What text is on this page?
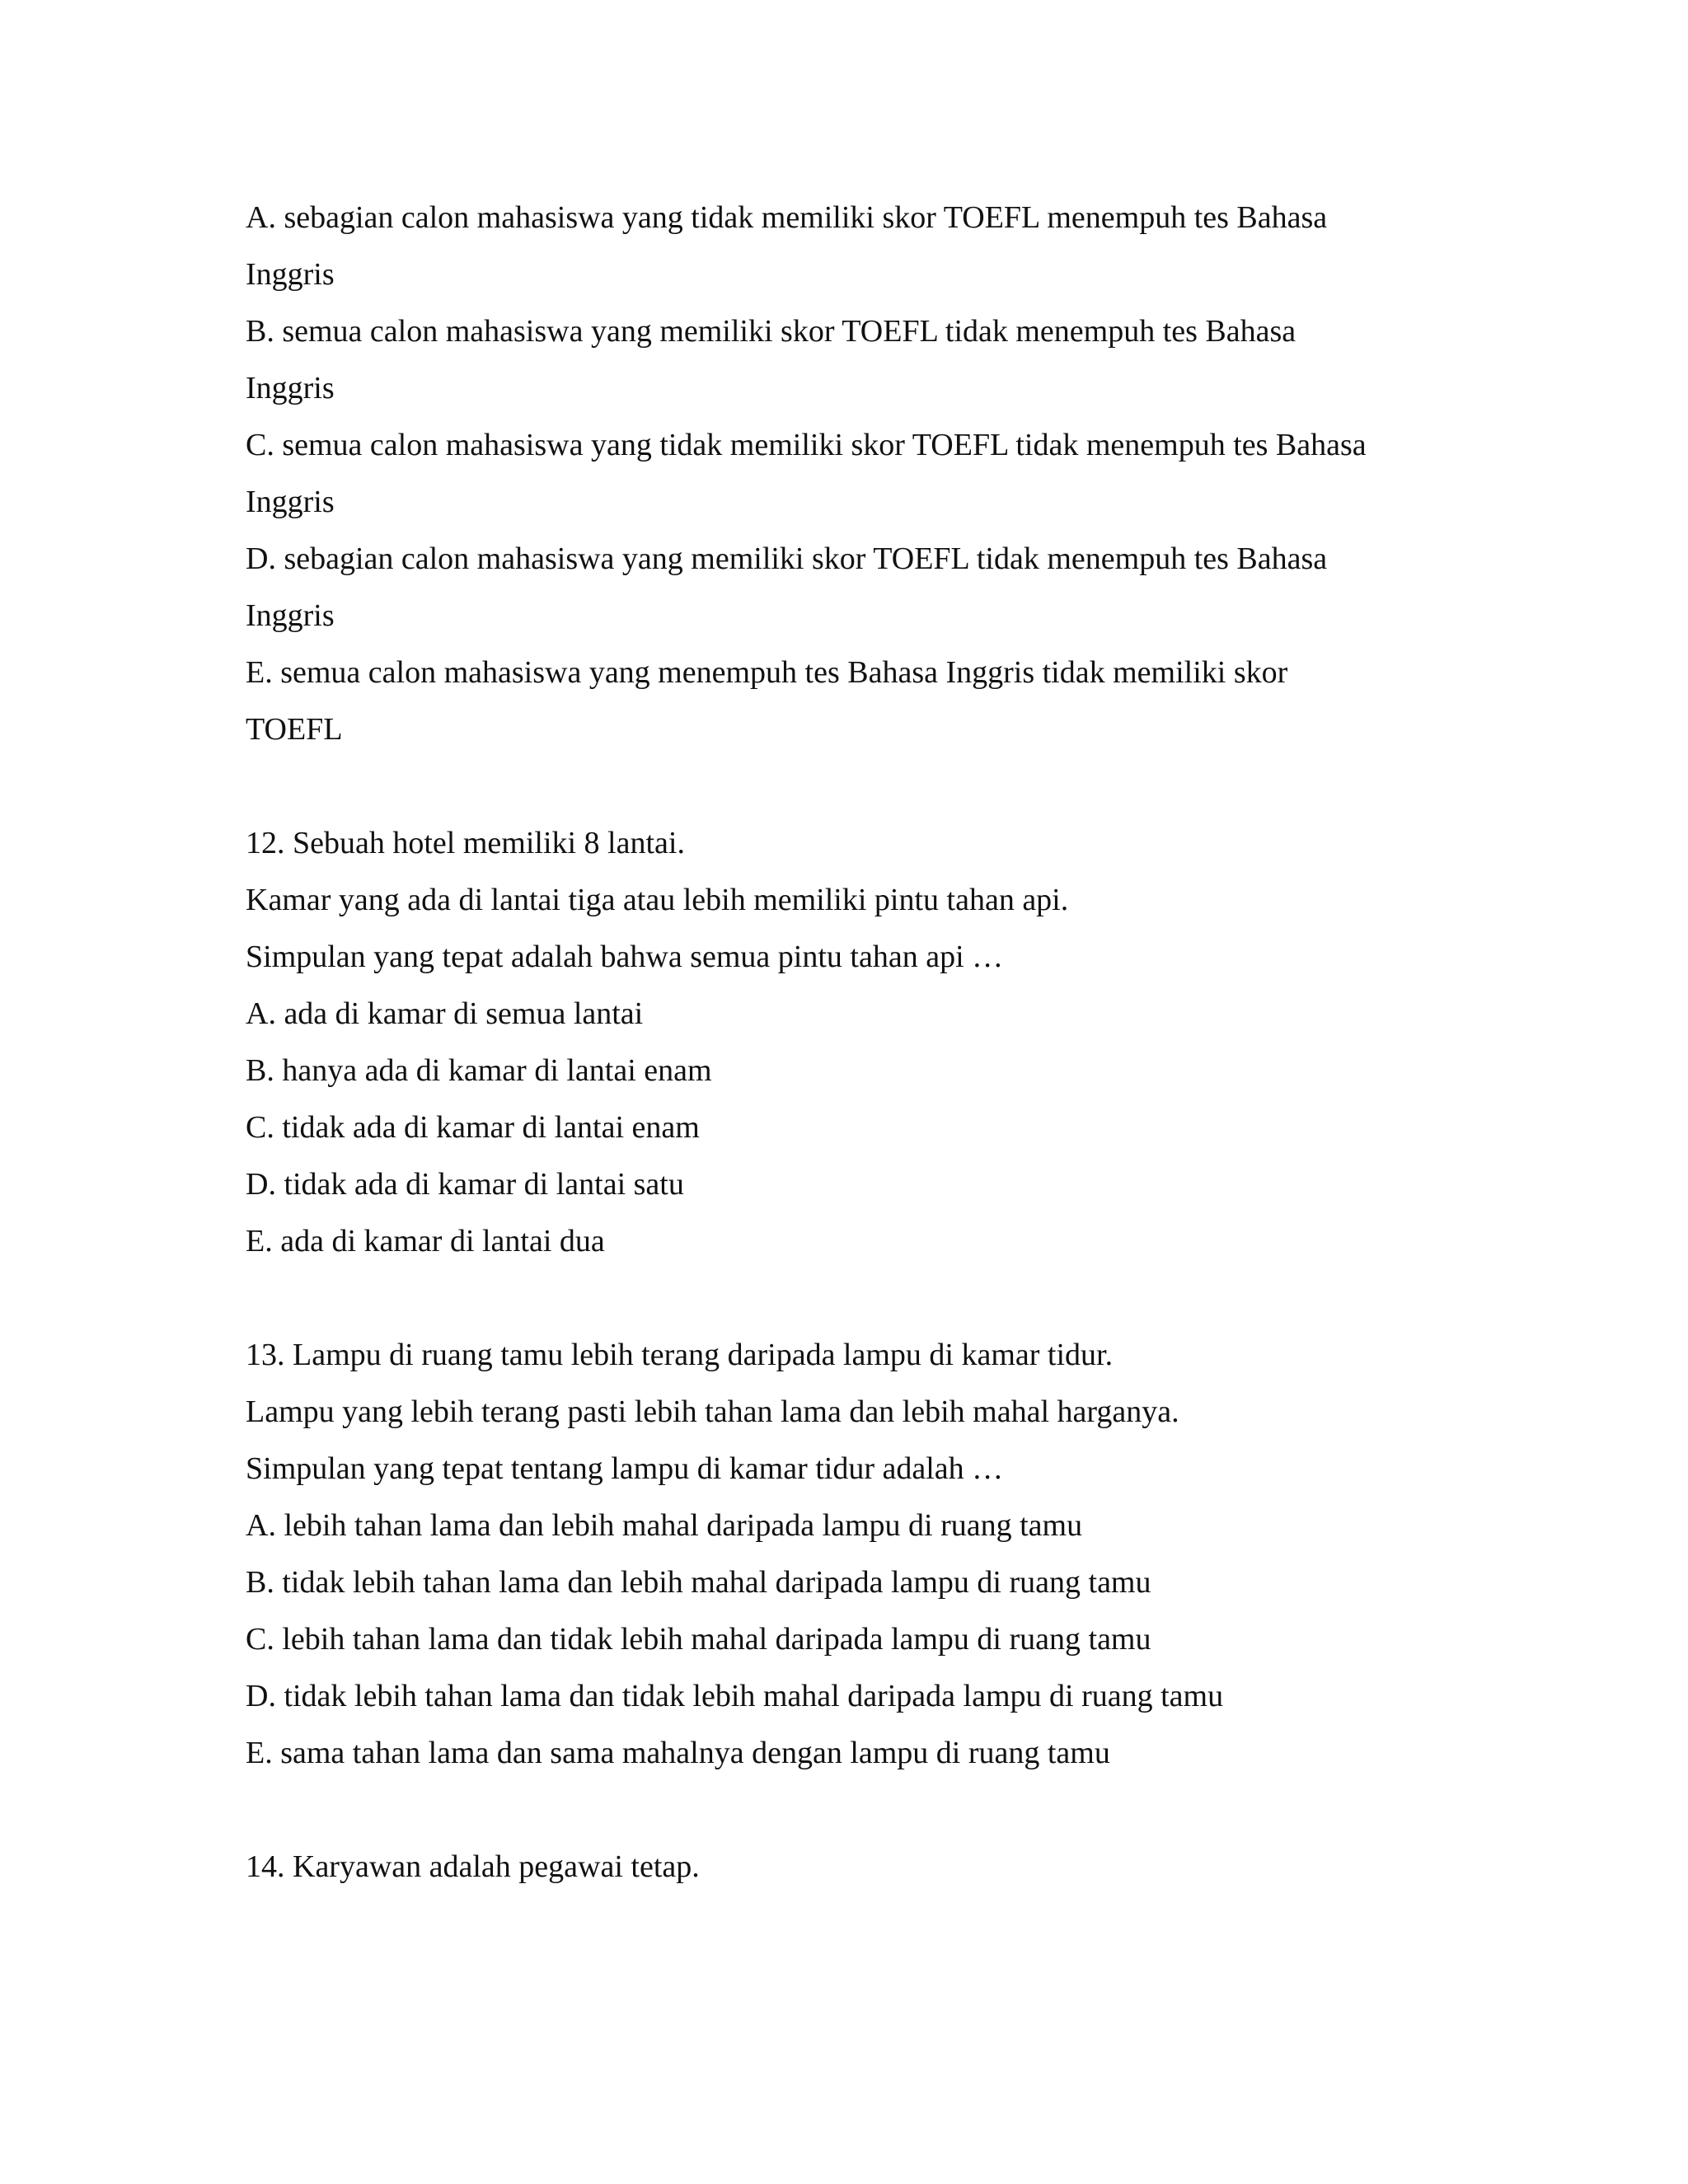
A. sebagian calon mahasiswa yang tidak memiliki skor TOEFL menempuh tes Bahasa
Inggris
B. semua calon mahasiswa yang memiliki skor TOEFL tidak menempuh tes Bahasa
Inggris
C. semua calon mahasiswa yang tidak memiliki skor TOEFL tidak menempuh tes Bahasa
Inggris
D. sebagian calon mahasiswa yang memiliki skor TOEFL tidak menempuh tes Bahasa
Inggris
E. semua calon mahasiswa yang menempuh tes Bahasa Inggris tidak memiliki skor
TOEFL
12. Sebuah hotel memiliki 8 lantai.
Kamar yang ada di lantai tiga atau lebih memiliki pintu tahan api.
Simpulan yang tepat adalah bahwa semua pintu tahan api …
A. ada di kamar di semua lantai
B. hanya ada di kamar di lantai enam
C. tidak ada di kamar di lantai enam
D. tidak ada di kamar di lantai satu
E. ada di kamar di lantai dua
13. Lampu di ruang tamu lebih terang daripada lampu di kamar tidur.
Lampu yang lebih terang pasti lebih tahan lama dan lebih mahal harganya.
Simpulan yang tepat tentang lampu di kamar tidur adalah …
A. lebih tahan lama dan lebih mahal daripada lampu di ruang tamu
B. tidak lebih tahan lama dan lebih mahal daripada lampu di ruang tamu
C. lebih tahan lama dan tidak lebih mahal daripada lampu di ruang tamu
D. tidak lebih tahan lama dan tidak lebih mahal daripada lampu di ruang tamu
E. sama tahan lama dan sama mahalnya dengan lampu di ruang tamu
14. Karyawan adalah pegawai tetap.
